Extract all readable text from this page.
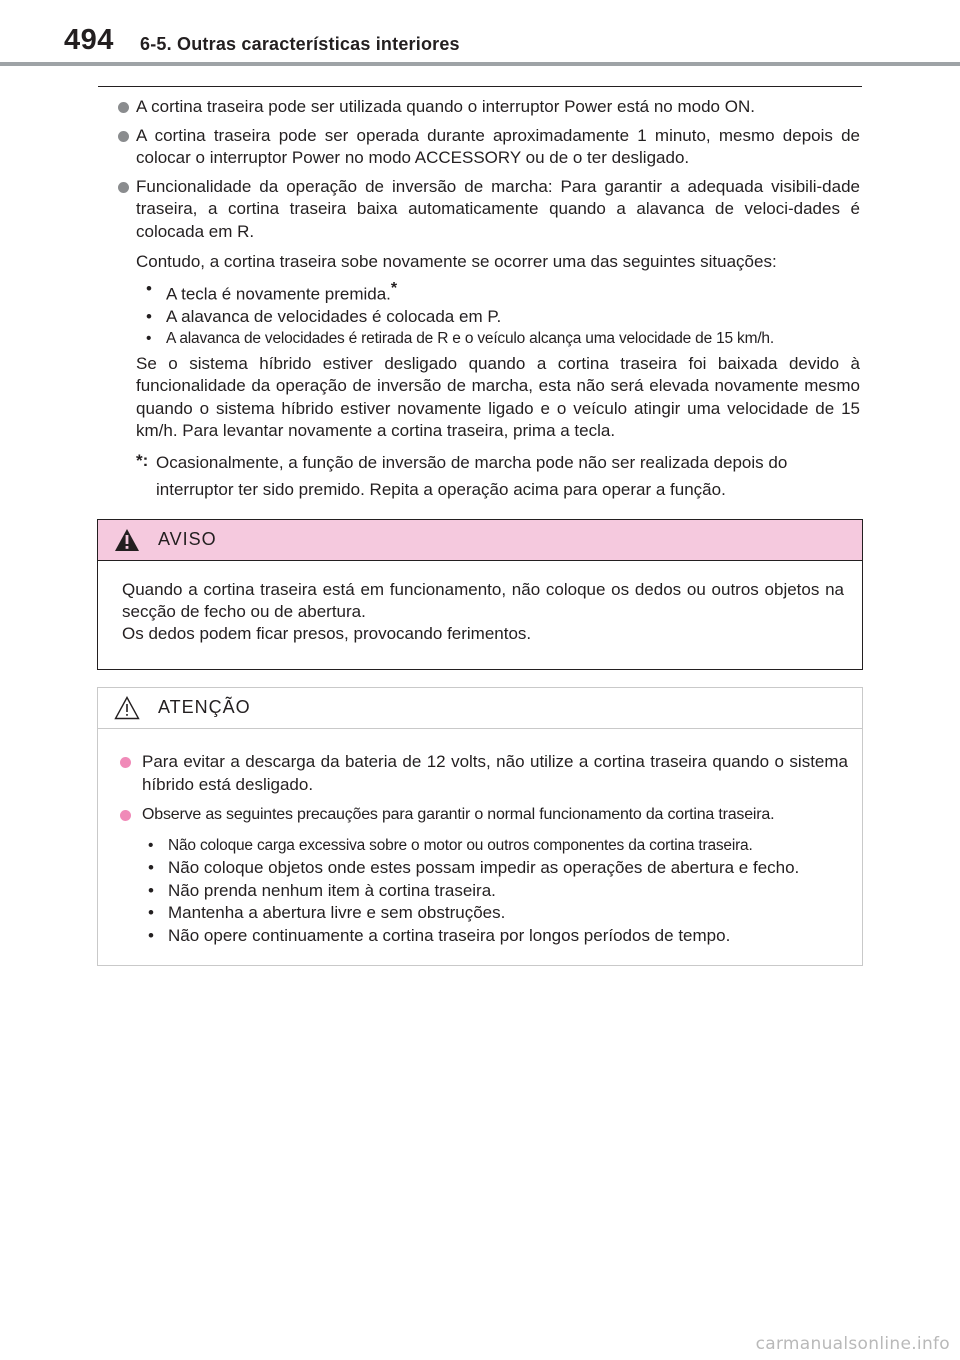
494 6-5. Outras características interiores
A cortina traseira pode ser utilizada quando o interruptor Power está no modo ON.
A cortina traseira pode ser operada durante aproximadamente 1 minuto, mesmo depois de colocar o interruptor Power no modo ACCESSORY ou de o ter desligado.
Funcionalidade da operação de inversão de marcha: Para garantir a adequada visibili-dade traseira, a cortina traseira baixa automaticamente quando a alavanca de veloci-dades é colocada em R.
Contudo, a cortina traseira sobe novamente se ocorrer uma das seguintes situações:
• A tecla é novamente premida.*
• A alavanca de velocidades é colocada em P.
• A alavanca de velocidades é retirada de R e o veículo alcança uma velocidade de 15 km/h.
Se o sistema híbrido estiver desligado quando a cortina traseira foi baixada devido à funcionalidade da operação de inversão de marcha, esta não será elevada novamente mesmo quando o sistema híbrido estiver novamente ligado e o veículo atingir uma velocidade de 15 km/h. Para levantar novamente a cortina traseira, prima a tecla.
*: Ocasionalmente, a função de inversão de marcha pode não ser realizada depois do interruptor ter sido premido. Repita a operação acima para operar a função.
AVISO
Quando a cortina traseira está em funcionamento, não coloque os dedos ou outros objetos na secção de fecho ou de abertura.
Os dedos podem ficar presos, provocando ferimentos.
ATENÇÃO
Para evitar a descarga da bateria de 12 volts, não utilize a cortina traseira quando o sistema híbrido está desligado.
Observe as seguintes precauções para garantir o normal funcionamento da cortina traseira.
• Não coloque carga excessiva sobre o motor ou outros componentes da cortina traseira.
• Não coloque objetos onde estes possam impedir as operações de abertura e fecho.
• Não prenda nenhum item à cortina traseira.
• Mantenha a abertura livre e sem obstruções.
• Não opere continuamente a cortina traseira por longos períodos de tempo.
carmanualsonline.info
